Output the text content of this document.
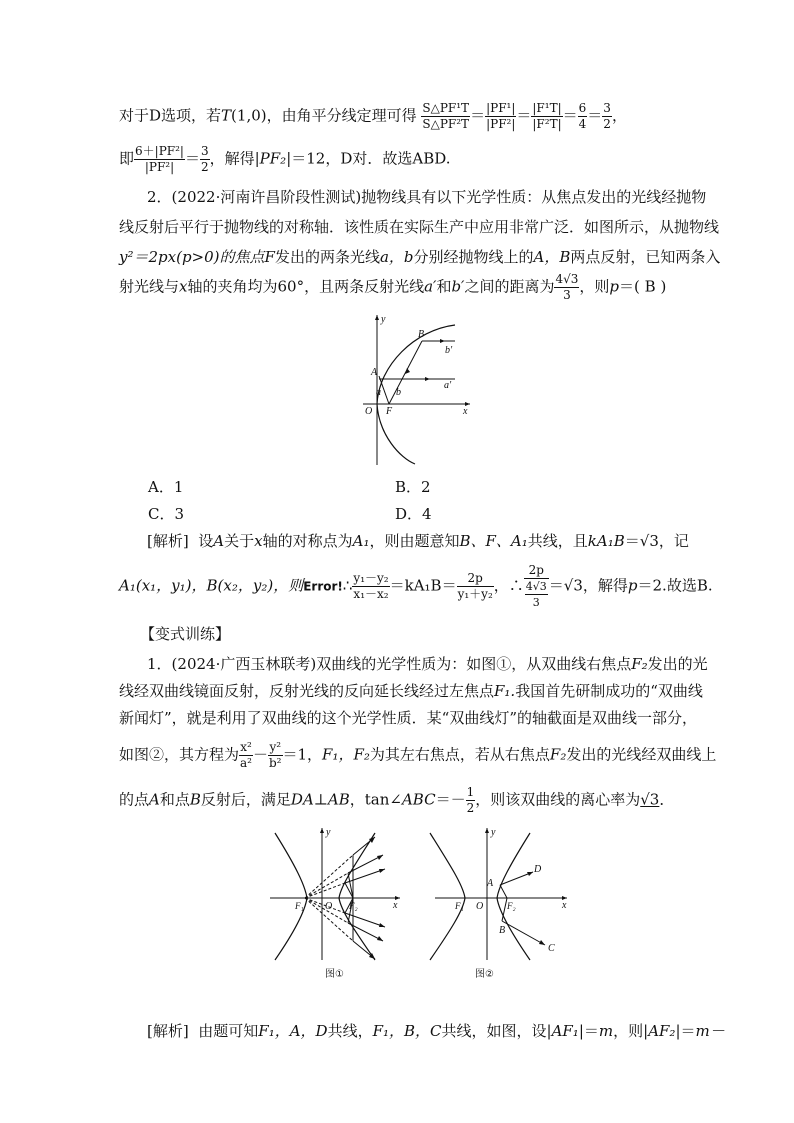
对于D选项，若T(1,0)，由角平分线定理可得 $\frac{\text{S△PF¹T}}{\text{S△PF²T}} = \frac{\text{|PF¹|}}{\text{|PF²|}} = \frac{\text{|F¹T|}}{\text{|F²T|}} = \frac{6}{4} = \frac{3}{2}$ ，
即 $\frac{\text{6＋|PF²|}}{\text{|PF²|}} = \frac{3}{2}$ ，解得|PF₂|＝12，D对．故选ABD.
2．(2022·河南许昌阶段性测试)抛物线具有以下光学性质：从焦点发出的光线经抛物
线反射后平行于抛物线的对称轴．该性质在实际生产中应用非常广泛．如图所示，从抛物线
y²＝2px(p>0)的焦点F发出的两条光线a，b分别经抛物线上的A，B两点反射，已知两条入
射光线与x轴的夹角均为60°，且两条反射光线a′和b′之间的距离为 $\frac{4√3}{3}$ ，则p＝( B )
y
x
O F
A
B
a b
a′
b′
A．1	B．2
C．3	D．4
[解析] 设A关于x轴的对称点为A₁，则由题意知B、F、A₁共线，且kA₁B＝√3，记
A₁(x₁，y₁)，B(x₂，y₂)，则Error!∴ $\frac{\text{y₁－y₂}}{\text{x₁－x₂}} =kA_1B= \frac{2p}{\text{y₁＋y₂}}$ ，∴ $\frac{2p}{\frac{4√3}{3}} =√3$，解得p＝2.故选B.
【变式训练】
1．(2024·广西玉林联考)双曲线的光学性质为：如图①，从双曲线右焦点F₂发出的光
线经双曲线镜面反射，反射光线的反向延长线经过左焦点F₁.我国首先研制成功的“双曲线
新闻灯”，就是利用了双曲线的这个光学性质．某“双曲线灯”的轴截面是双曲线一部分，
如图②，其方程为 $\frac{\text{x²}}{\text{a²}} - \frac{\text{y²}}{\text{b²}} =1$，F₁，F₂为其左右焦点，若从右焦点F₂发出的光线经双曲线上
的点A和点B反射后，满足DA⊥AB，tan∠ABC＝－ $\frac{1}{2}$ ，则该双曲线的离心率为√3．
y
x
O
F₁	F₂
图①
y
x
O
F₁	F₂
A
B
C
D
图②
[解析] 由题可知F₁，A，D共线，F₁，B，C共线，如图，设|AF₁|＝m，则|AF₂|＝m－
